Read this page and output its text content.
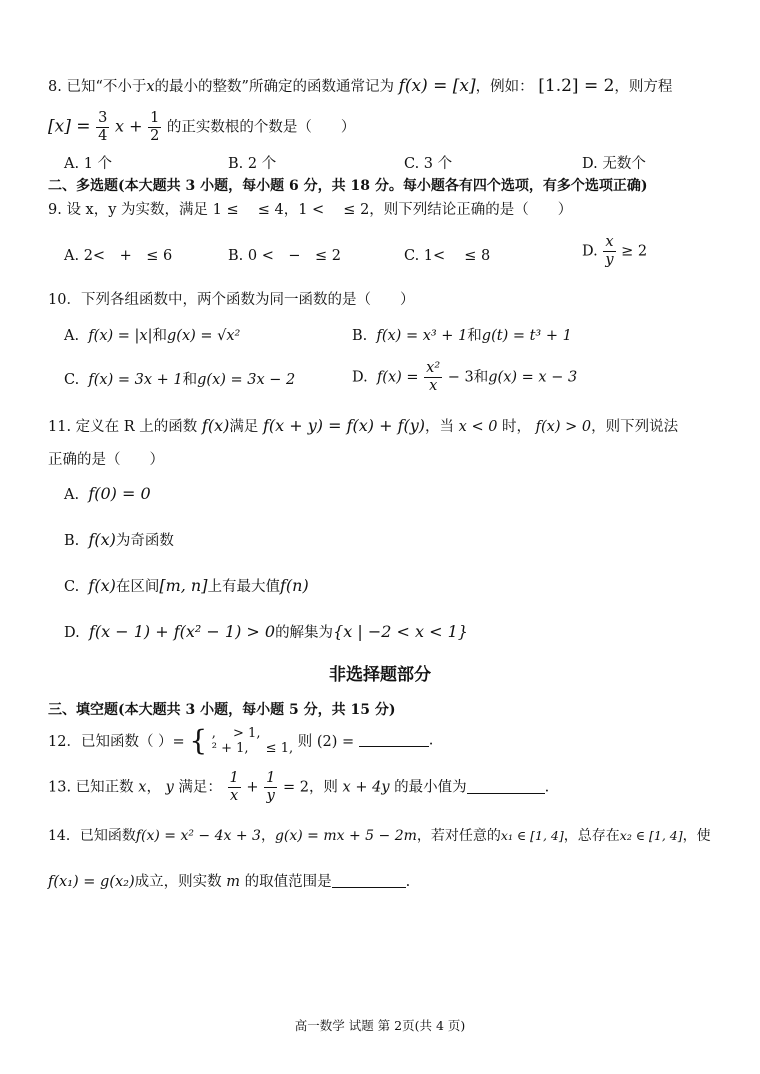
8. 已知“不小于x的最小的整数”所确定的函数通常记为 f(x) = [x]，例如： [1.2] = 2，则方程
$[x] = \frac{3}{4}$ $x + \frac{1}{2}$ 的正实数根的个数是（　　）
A. 1 个	B. 2 个	C. 3 个	D. 无数个
二、多选题(本大题共 3 小题，每小题 6 分，共 18 分。每小题各有四个选项，有多个选项正确)
9. 设 x，y 为实数，满足 1 ≤　 ≤ 4，1 <　 ≤ 2，则下列结论正确的是（　　）
A. 2<　+　≤ 6	B. 0 <　−　≤ 2	C. 1<　 ≤ 8	D. $\frac{x}{y} \ge 2$
10．下列各组函数中，两个函数为同一函数的是（　　）
A. f(x) = |x|和g(x) = √x²	B. f(x) = x³ + 1和g(t) = t³ + 1
C. f(x) = 3x + 1和g(x) = 3x − 2	D. $f(x) = \frac{\text{x²}}{x} - 3$和g(x) = x − 3
11. 定义在 R 上的函数 f(x)满足 f(x + y) = f(x) + f(y)，当 x < 0 时， f(x) > 0，则下列说法
正确的是（　　）
A. f(0) = 0
B. f(x)为奇函数
C. f(x)在区间[m, n]上有最大值f(n)
D. f(x − 1) + f(x² − 1) > 0的解集为{x | −2 < x < 1}
非选择题部分
三、填空题(本大题共 3 小题，每小题 5 分，共 15 分)
12．已知函数（ ）= { ,　 > 1,
² + 1,　 ≤ 1, 则 (2) =	.
13. 已知正数 x， y 满足： $\frac{1}{x} + \frac{1}{y} = 2$，则 x + 4y 的最小值为	.
14．已知函数f(x) = x² − 4x + 3，g(x) = mx + 5 − 2m，若对任意的x₁ ∈ [1, 4]，总存在x₂ ∈ [1, 4]，使
f(x₁) = g(x₂)成立，则实数 m 的取值范围是	.
高一数学 试题 第 2页(共 4 页)
